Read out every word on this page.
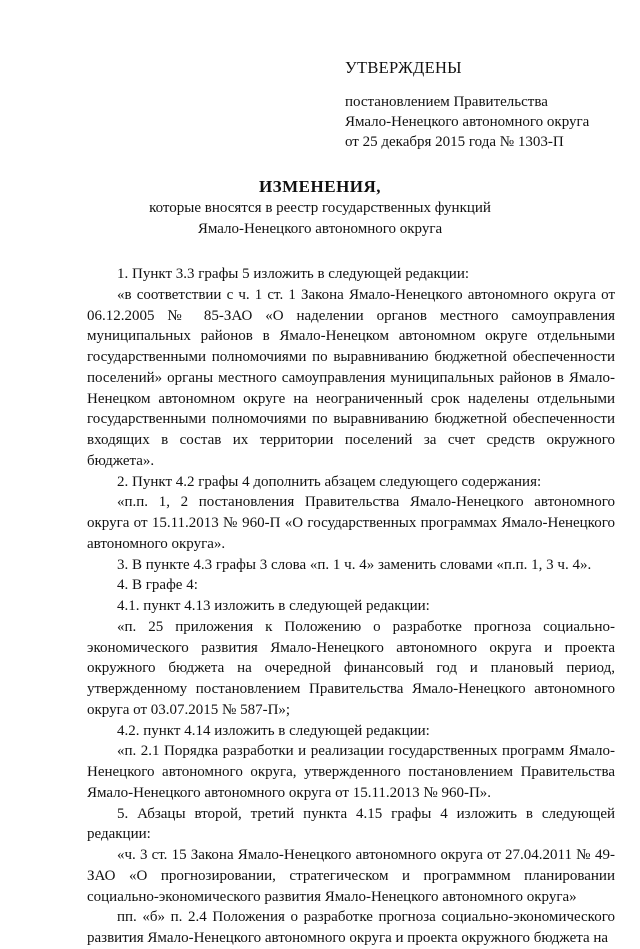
УТВЕРЖДЕНЫ
постановлением Правительства
Ямало-Ненецкого автономного округа
от 25 декабря 2015 года № 1303-П
ИЗМЕНЕНИЯ,
которые вносятся в реестр государственных функций
Ямало-Ненецкого автономного округа

1. Пункт 3.3 графы 5 изложить в следующей редакции:

«в соответствии с ч. 1 ст. 1 Закона Ямало-Ненецкого автономного округа от 06.12.2005 № 85-ЗАО «О наделении органов местного самоуправления муниципальных районов в Ямало-Ненецком автономном округе отдельными государственными полномочиями по выравниванию бюджетной обеспеченности поселений» органы местного самоуправления муниципальных районов в Ямало-Ненецком автономном округе на неограниченный срок наделены отдельными государственными полномочиями по выравниванию бюджетной обеспеченности входящих в состав их территории поселений за счет средств окружного бюджета».

2. Пункт 4.2 графы 4 дополнить абзацем следующего содержания:

«п.п. 1, 2 постановления Правительства Ямало-Ненецкого автономного округа от 15.11.2013 № 960-П «О государственных программах Ямало-Ненецкого автономного округа».

3. В пункте 4.3 графы 3 слова «п. 1 ч. 4» заменить словами «п.п. 1, 3 ч. 4».

4. В графе 4:

4.1. пункт 4.13 изложить в следующей редакции:

«п. 25 приложения к Положению о разработке прогноза социально-экономического развития Ямало-Ненецкого автономного округа и проекта окружного бюджета на очередной финансовый год и плановый период, утвержденному постановлением Правительства Ямало-Ненецкого автономного округа от 03.07.2015 № 587-П»;

4.2. пункт 4.14 изложить в следующей редакции:

«п. 2.1 Порядка разработки и реализации государственных программ Ямало-Ненецкого автономного округа, утвержденного постановлением Правительства Ямало-Ненецкого автономного округа от 15.11.2013 № 960-П».

5. Абзацы второй, третий пункта 4.15 графы 4 изложить в следующей редакции:

«ч. 3 ст. 15 Закона Ямало-Ненецкого автономного округа от 27.04.2011 № 49-ЗАО «О прогнозировании, стратегическом и программном планировании социально-экономического развития Ямало-Ненецкого автономного округа»

пп. «б» п. 2.4 Положения о разработке прогноза социально-экономического развития Ямало-Ненецкого автономного округа и проекта окружного бюджета на
